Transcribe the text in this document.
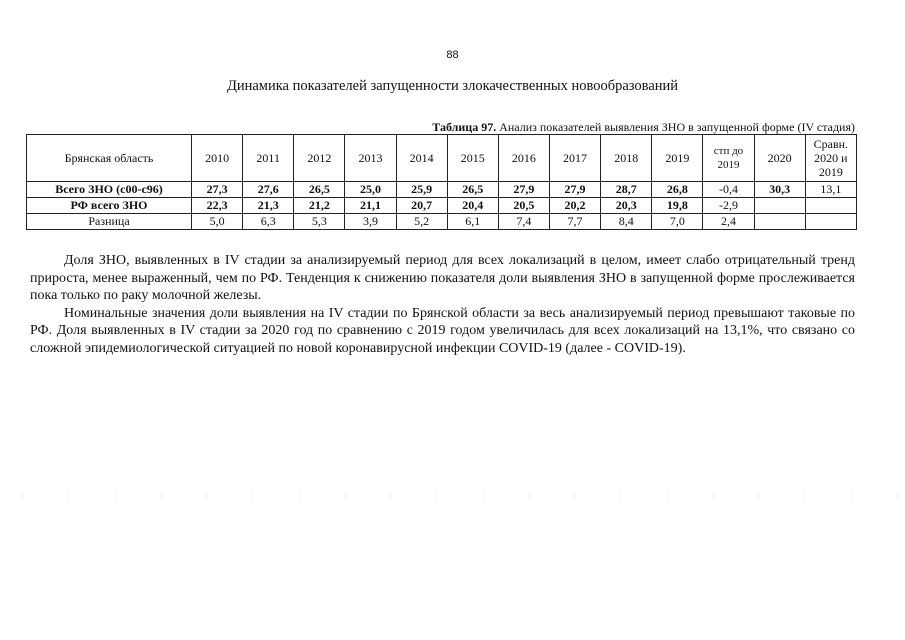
88
Динамика показателей запущенности злокачественных новообразований
Таблица 97. Анализ показателей выявления ЗНО в запущенной форме (IV стадия)
Брянская область	2010	2011	2012	2013	2014	2015	2016	2017	2018	2019	стп до 2019	2020	Сравн. 2020 и 2019
Всего ЗНО (с00-с96)	27,3	27,6	26,5	25,0	25,9	26,5	27,9	27,9	28,7	26,8	-0,4	30,3	13,1
РФ всего ЗНО	22,3	21,3	21,2	21,1	20,7	20,4	20,5	20,2	20,3	19,8	-2,9		
Разница	5,0	6,3	5,3	3,9	5,2	6,1	7,4	7,7	8,4	7,0	2,4		

Доля ЗНО, выявленных в IV стадии за анализируемый период для всех локализаций в целом, имеет слабо отрицательный тренд прироста, менее выраженный, чем по РФ. Тенденция к снижению показателя доли выявления ЗНО в запущенной форме прослеживается пока только по раку молочной железы.

Номинальные значения доли выявления на IV стадии по Брянской области за весь анализируемый период превышают таковые по РФ. Доля выявленных в IV стадии за 2020 год по сравнению с 2019 годом увеличилась для всех локализаций на 13,1%, что связано со сложной эпидемиологической ситуацией по новой коронавирусной инфекции COVID-19 (далее - COVID-19).
